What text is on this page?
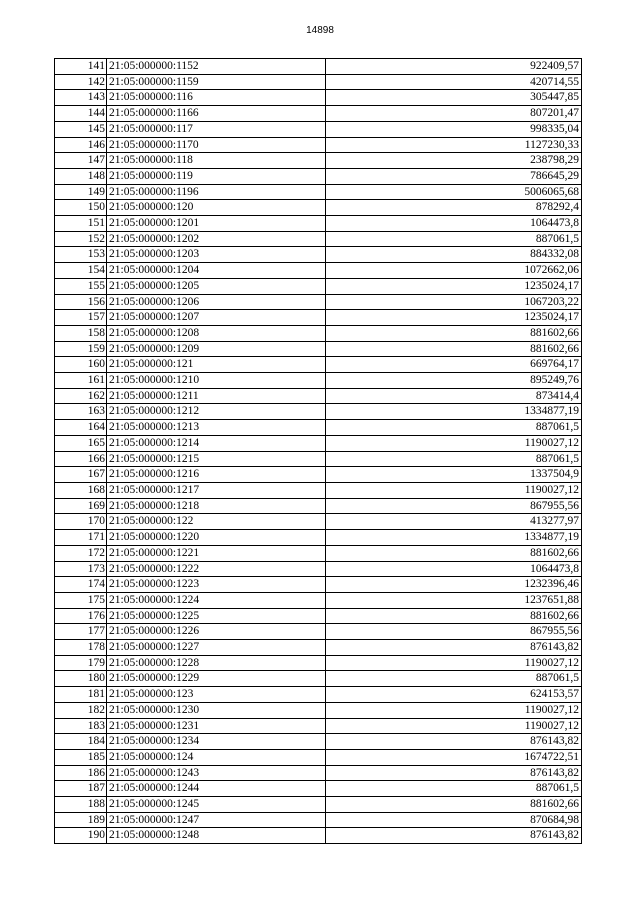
14898
141	21:05:000000:1152	922409,57
142	21:05:000000:1159	420714,55
143	21:05:000000:116	305447,85
144	21:05:000000:1166	807201,47
145	21:05:000000:117	998335,04
146	21:05:000000:1170	1127230,33
147	21:05:000000:118	238798,29
148	21:05:000000:119	786645,29
149	21:05:000000:1196	5006065,68
150	21:05:000000:120	878292,4
151	21:05:000000:1201	1064473,8
152	21:05:000000:1202	887061,5
153	21:05:000000:1203	884332,08
154	21:05:000000:1204	1072662,06
155	21:05:000000:1205	1235024,17
156	21:05:000000:1206	1067203,22
157	21:05:000000:1207	1235024,17
158	21:05:000000:1208	881602,66
159	21:05:000000:1209	881602,66
160	21:05:000000:121	669764,17
161	21:05:000000:1210	895249,76
162	21:05:000000:1211	873414,4
163	21:05:000000:1212	1334877,19
164	21:05:000000:1213	887061,5
165	21:05:000000:1214	1190027,12
166	21:05:000000:1215	887061,5
167	21:05:000000:1216	1337504,9
168	21:05:000000:1217	1190027,12
169	21:05:000000:1218	867955,56
170	21:05:000000:122	413277,97
171	21:05:000000:1220	1334877,19
172	21:05:000000:1221	881602,66
173	21:05:000000:1222	1064473,8
174	21:05:000000:1223	1232396,46
175	21:05:000000:1224	1237651,88
176	21:05:000000:1225	881602,66
177	21:05:000000:1226	867955,56
178	21:05:000000:1227	876143,82
179	21:05:000000:1228	1190027,12
180	21:05:000000:1229	887061,5
181	21:05:000000:123	624153,57
182	21:05:000000:1230	1190027,12
183	21:05:000000:1231	1190027,12
184	21:05:000000:1234	876143,82
185	21:05:000000:124	1674722,51
186	21:05:000000:1243	876143,82
187	21:05:000000:1244	887061,5
188	21:05:000000:1245	881602,66
189	21:05:000000:1247	870684,98
190	21:05:000000:1248	876143,82
